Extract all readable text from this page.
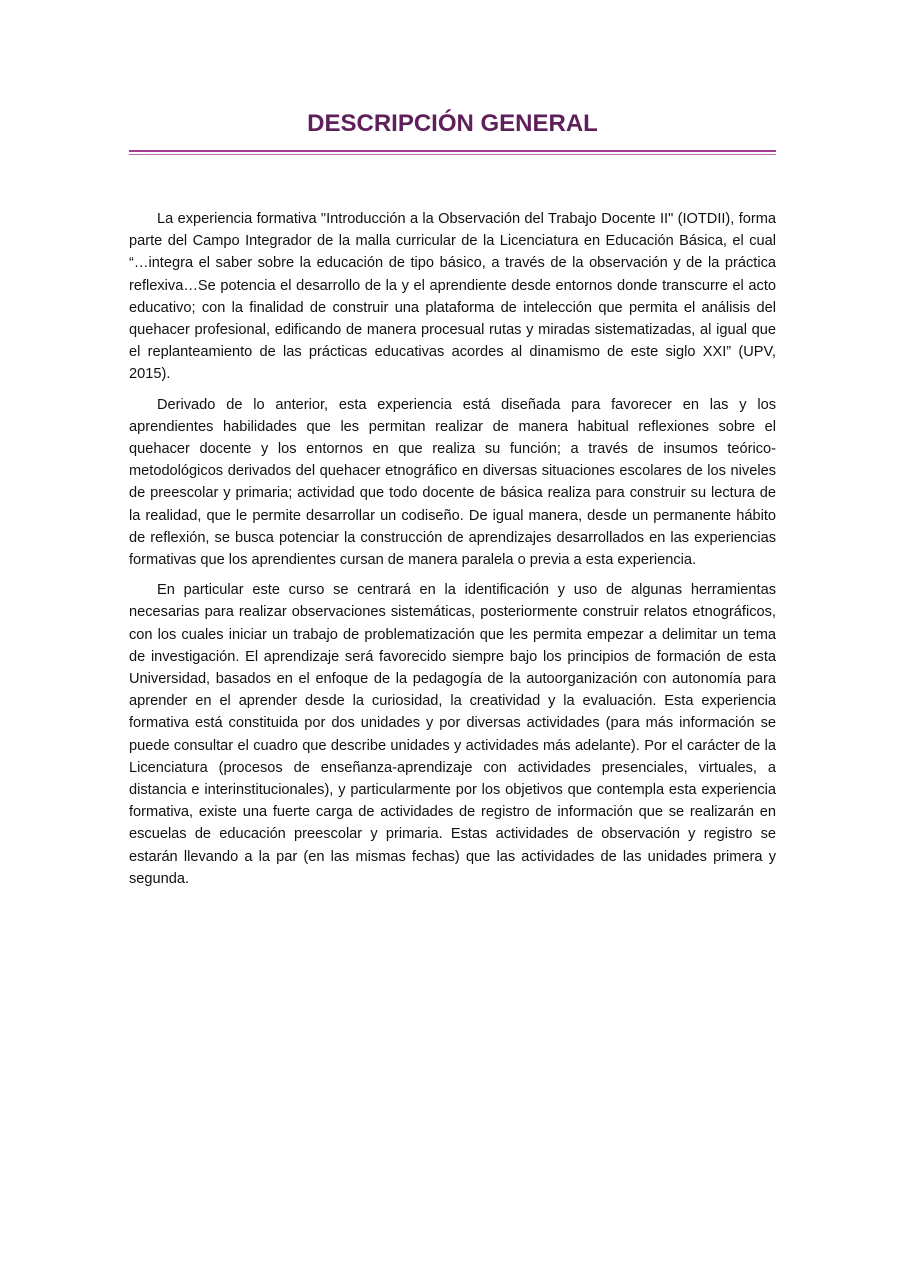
DESCRIPCIÓN GENERAL

La experiencia formativa "Introducción a la Observación del Trabajo Docente II" (IOTDII), forma parte del Campo Integrador de la malla curricular de la Licenciatura en Educación Básica, el cual “…integra el saber sobre la educación de tipo básico, a través de la observación y de la práctica reflexiva…Se potencia el desarrollo de la y el aprendiente desde entornos donde transcurre el acto educativo; con la finalidad de construir una plataforma de intelección que permita el análisis del quehacer profesional, edificando de manera procesual rutas y miradas sistematizadas, al igual que el replanteamiento de las prácticas educativas acordes al dinamismo de este siglo XXI” (UPV, 2015).

Derivado de lo anterior, esta experiencia está diseñada para favorecer en las y los aprendientes habilidades que les permitan realizar de manera habitual reflexiones sobre el quehacer docente y los entornos en que realiza su función; a través de insumos teórico-metodológicos derivados del quehacer etnográfico en diversas situaciones escolares de los niveles de preescolar y primaria; actividad que todo docente de básica realiza para construir su lectura de la realidad, que le permite desarrollar un codiseño. De igual manera, desde un permanente hábito de reflexión, se busca potenciar la construcción de aprendizajes desarrollados en las experiencias formativas que los aprendientes cursan de manera paralela o previa a esta experiencia.

En particular este curso se centrará en la identificación y uso de algunas herramientas necesarias para realizar observaciones sistemáticas, posteriormente construir relatos etnográficos, con los cuales iniciar un trabajo de problematización que les permita empezar a delimitar un tema de investigación. El aprendizaje será favorecido siempre bajo los principios de formación de esta Universidad, basados en el enfoque de la pedagogía de la autoorganización con autonomía para aprender en el aprender desde la curiosidad, la creatividad y la evaluación. Esta experiencia formativa está constituida por dos unidades y por diversas actividades (para más información se puede consultar el cuadro que describe unidades y actividades más adelante). Por el carácter de la Licenciatura (procesos de enseñanza-aprendizaje con actividades presenciales, virtuales, a distancia e interinstitucionales), y particularmente por los objetivos que contempla esta experiencia formativa, existe una fuerte carga de actividades de registro de información que se realizarán en escuelas de educación preescolar y primaria. Estas actividades de observación y registro se estarán llevando a la par (en las mismas fechas) que las actividades de las unidades primera y segunda.
